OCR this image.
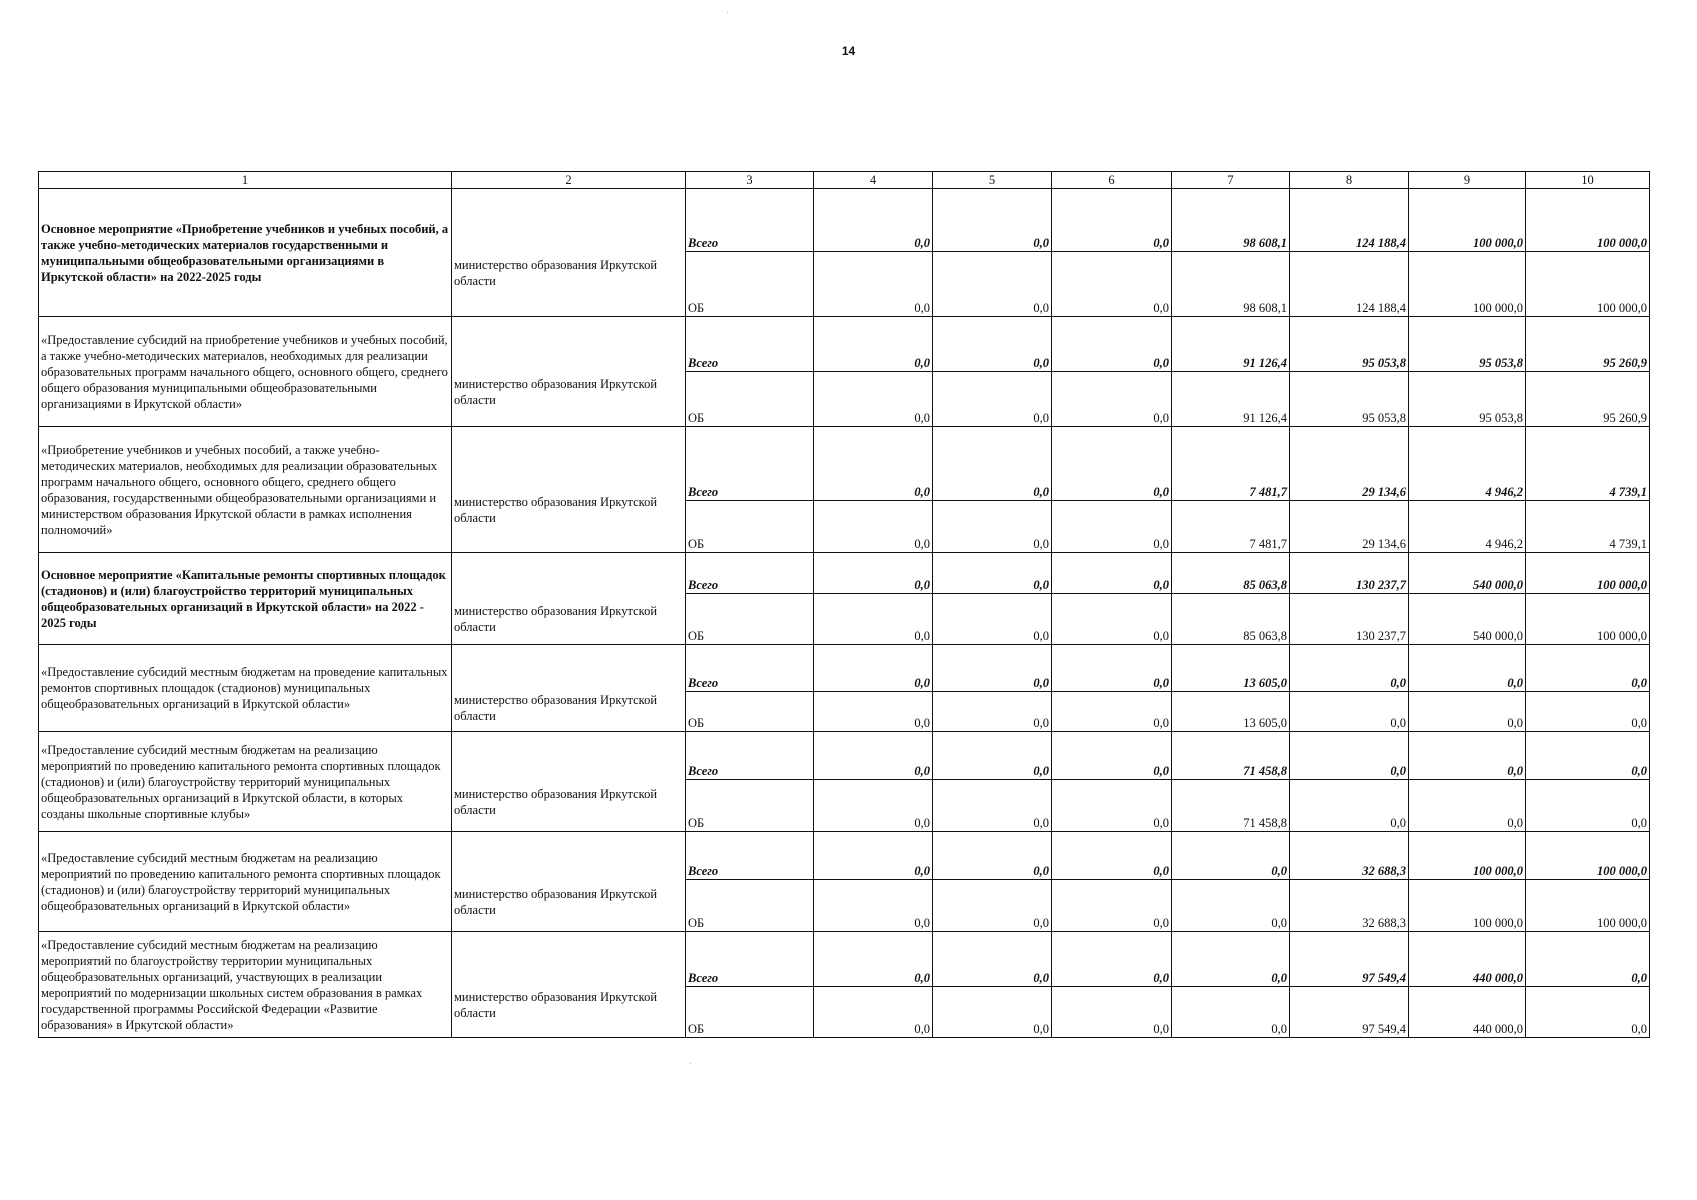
14
1	2	3	4	5	6	7	8	9	10
Основное мероприятие «Приобретение учебников и учебных пособий, а также учебно-методических материалов государственными и муниципальными общеобразовательными организациями в Иркутской области» на 2022-2025 годы	министерство образования Иркутской области	Всего	0,0	0,0	0,0	98 608,1	124 188,4	100 000,0	100 000,0
		ОБ	0,0	0,0	0,0	98 608,1	124 188,4	100 000,0	100 000,0
«Предоставление субсидий на приобретение учебников и учебных пособий, а также учебно-методических материалов, необходимых для реализации образовательных программ начального общего, основного общего, среднего общего образования муниципальными общеобразовательными организациями в Иркутской области»	министерство образования Иркутской области	Всего	0,0	0,0	0,0	91 126,4	95 053,8	95 053,8	95 260,9
		ОБ	0,0	0,0	0,0	91 126,4	95 053,8	95 053,8	95 260,9
«Приобретение учебников и учебных пособий, а также учебно-методических материалов, необходимых для реализации образовательных программ начального общего, основного общего, среднего общего образования, государственными общеобразовательными организациями и министерством образования Иркутской области в рамках исполнения полномочий»	министерство образования Иркутской области	Всего	0,0	0,0	0,0	7 481,7	29 134,6	4 946,2	4 739,1
		ОБ	0,0	0,0	0,0	7 481,7	29 134,6	4 946,2	4 739,1
Основное мероприятие «Капитальные ремонты спортивных площадок (стадионов) и (или) благоустройство территорий муниципальных общеобразовательных организаций в Иркутской области» на 2022 - 2025 годы	министерство образования Иркутской области	Всего	0,0	0,0	0,0	85 063,8	130 237,7	540 000,0	100 000,0
		ОБ	0,0	0,0	0,0	85 063,8	130 237,7	540 000,0	100 000,0
«Предоставление субсидий местным бюджетам на проведение капитальных ремонтов спортивных площадок (стадионов) муниципальных общеобразовательных организаций в Иркутской области»	министерство образования Иркутской области	Всего	0,0	0,0	0,0	13 605,0	0,0	0,0	0,0
		ОБ	0,0	0,0	0,0	13 605,0	0,0	0,0	0,0
«Предоставление субсидий местным бюджетам на реализацию мероприятий по проведению капитального ремонта спортивных площадок (стадионов) и (или) благоустройству территорий муниципальных общеобразовательных организаций в Иркутской области, в которых созданы школьные спортивные клубы»	министерство образования Иркутской области	Всего	0,0	0,0	0,0	71 458,8	0,0	0,0	0,0
		ОБ	0,0	0,0	0,0	71 458,8	0,0	0,0	0,0
«Предоставление субсидий местным бюджетам на реализацию мероприятий по проведению капитального ремонта спортивных площадок (стадионов) и (или) благоустройству территорий муниципальных общеобразовательных организаций в Иркутской области»	министерство образования Иркутской области	Всего	0,0	0,0	0,0	0,0	32 688,3	100 000,0	100 000,0
		ОБ	0,0	0,0	0,0	0,0	32 688,3	100 000,0	100 000,0
«Предоставление субсидий местным бюджетам на реализацию мероприятий по благоустройству территории муниципальных общеобразовательных организаций, участвующих в реализации мероприятий по модернизации школьных систем образования в рамках государственной программы Российской Федерации «Развитие образования» в Иркутской области»	министерство образования Иркутской области	Всего	0,0	0,0	0,0	0,0	97 549,4	440 000,0	0,0
		ОБ	0,0	0,0	0,0	0,0	97 549,4	440 000,0	0,0
